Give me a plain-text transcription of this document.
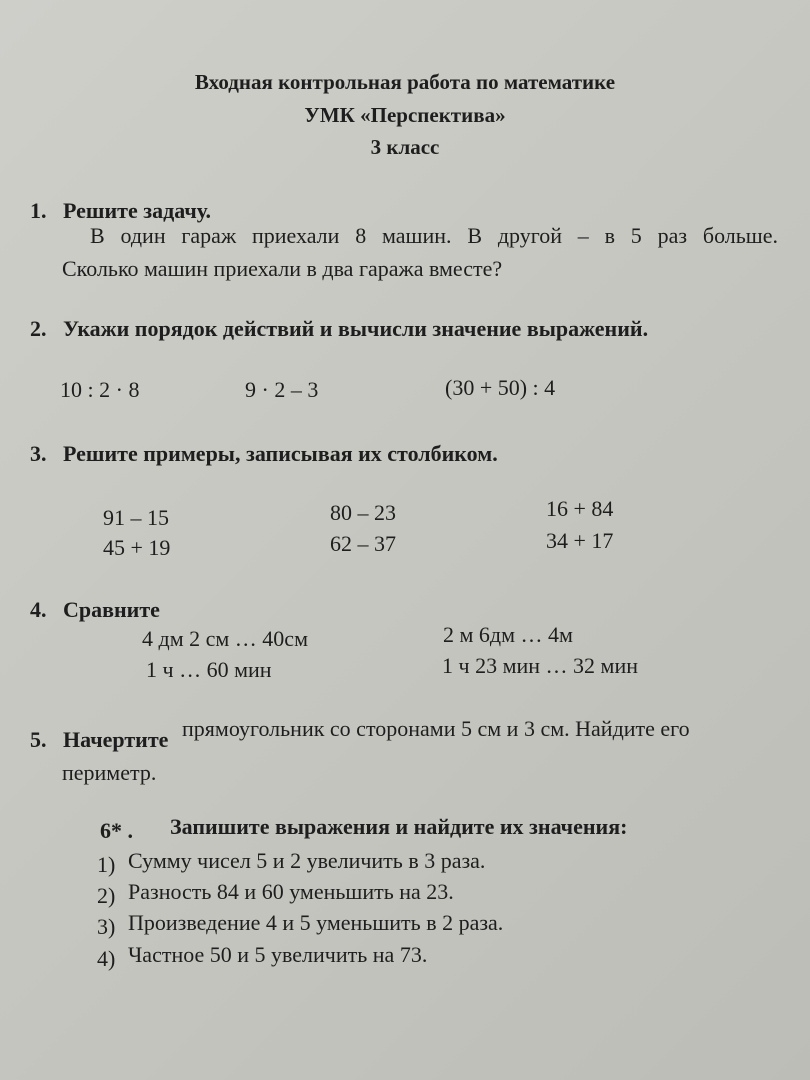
Входная контрольная работа по математике
УМК «Перспектива»
3 класс
1. Решите задачу.
В один гараж приехали 8 машин. В другой – в 5 раз больше.
Сколько машин приехали в два гаража вместе?
2. Укажи порядок действий и вычисли значение выражений.
10 : 2 · 8	9 · 2 – 3	(30 + 50) : 4
3. Решите примеры, записывая их столбиком.
91 – 15
45 + 19
80 – 23
62 – 37
16 + 84
34 + 17
4. Сравните
4 дм 2 см … 40см
1 ч … 60 мин
2 м 6дм … 4м
1 ч 23 мин … 32 мин
5. Начертите прямоугольник со сторонами 5 см и 3 см. Найдите его
периметр.
6* . Запишите выражения и найдите их значения:
1) Сумму чисел 5 и 2 увеличить в 3 раза.
2) Разность 84 и 60 уменьшить на 23.
3) Произведение 4 и 5 уменьшить в 2 раза.
4) Частное 50 и 5 увеличить на 73.
